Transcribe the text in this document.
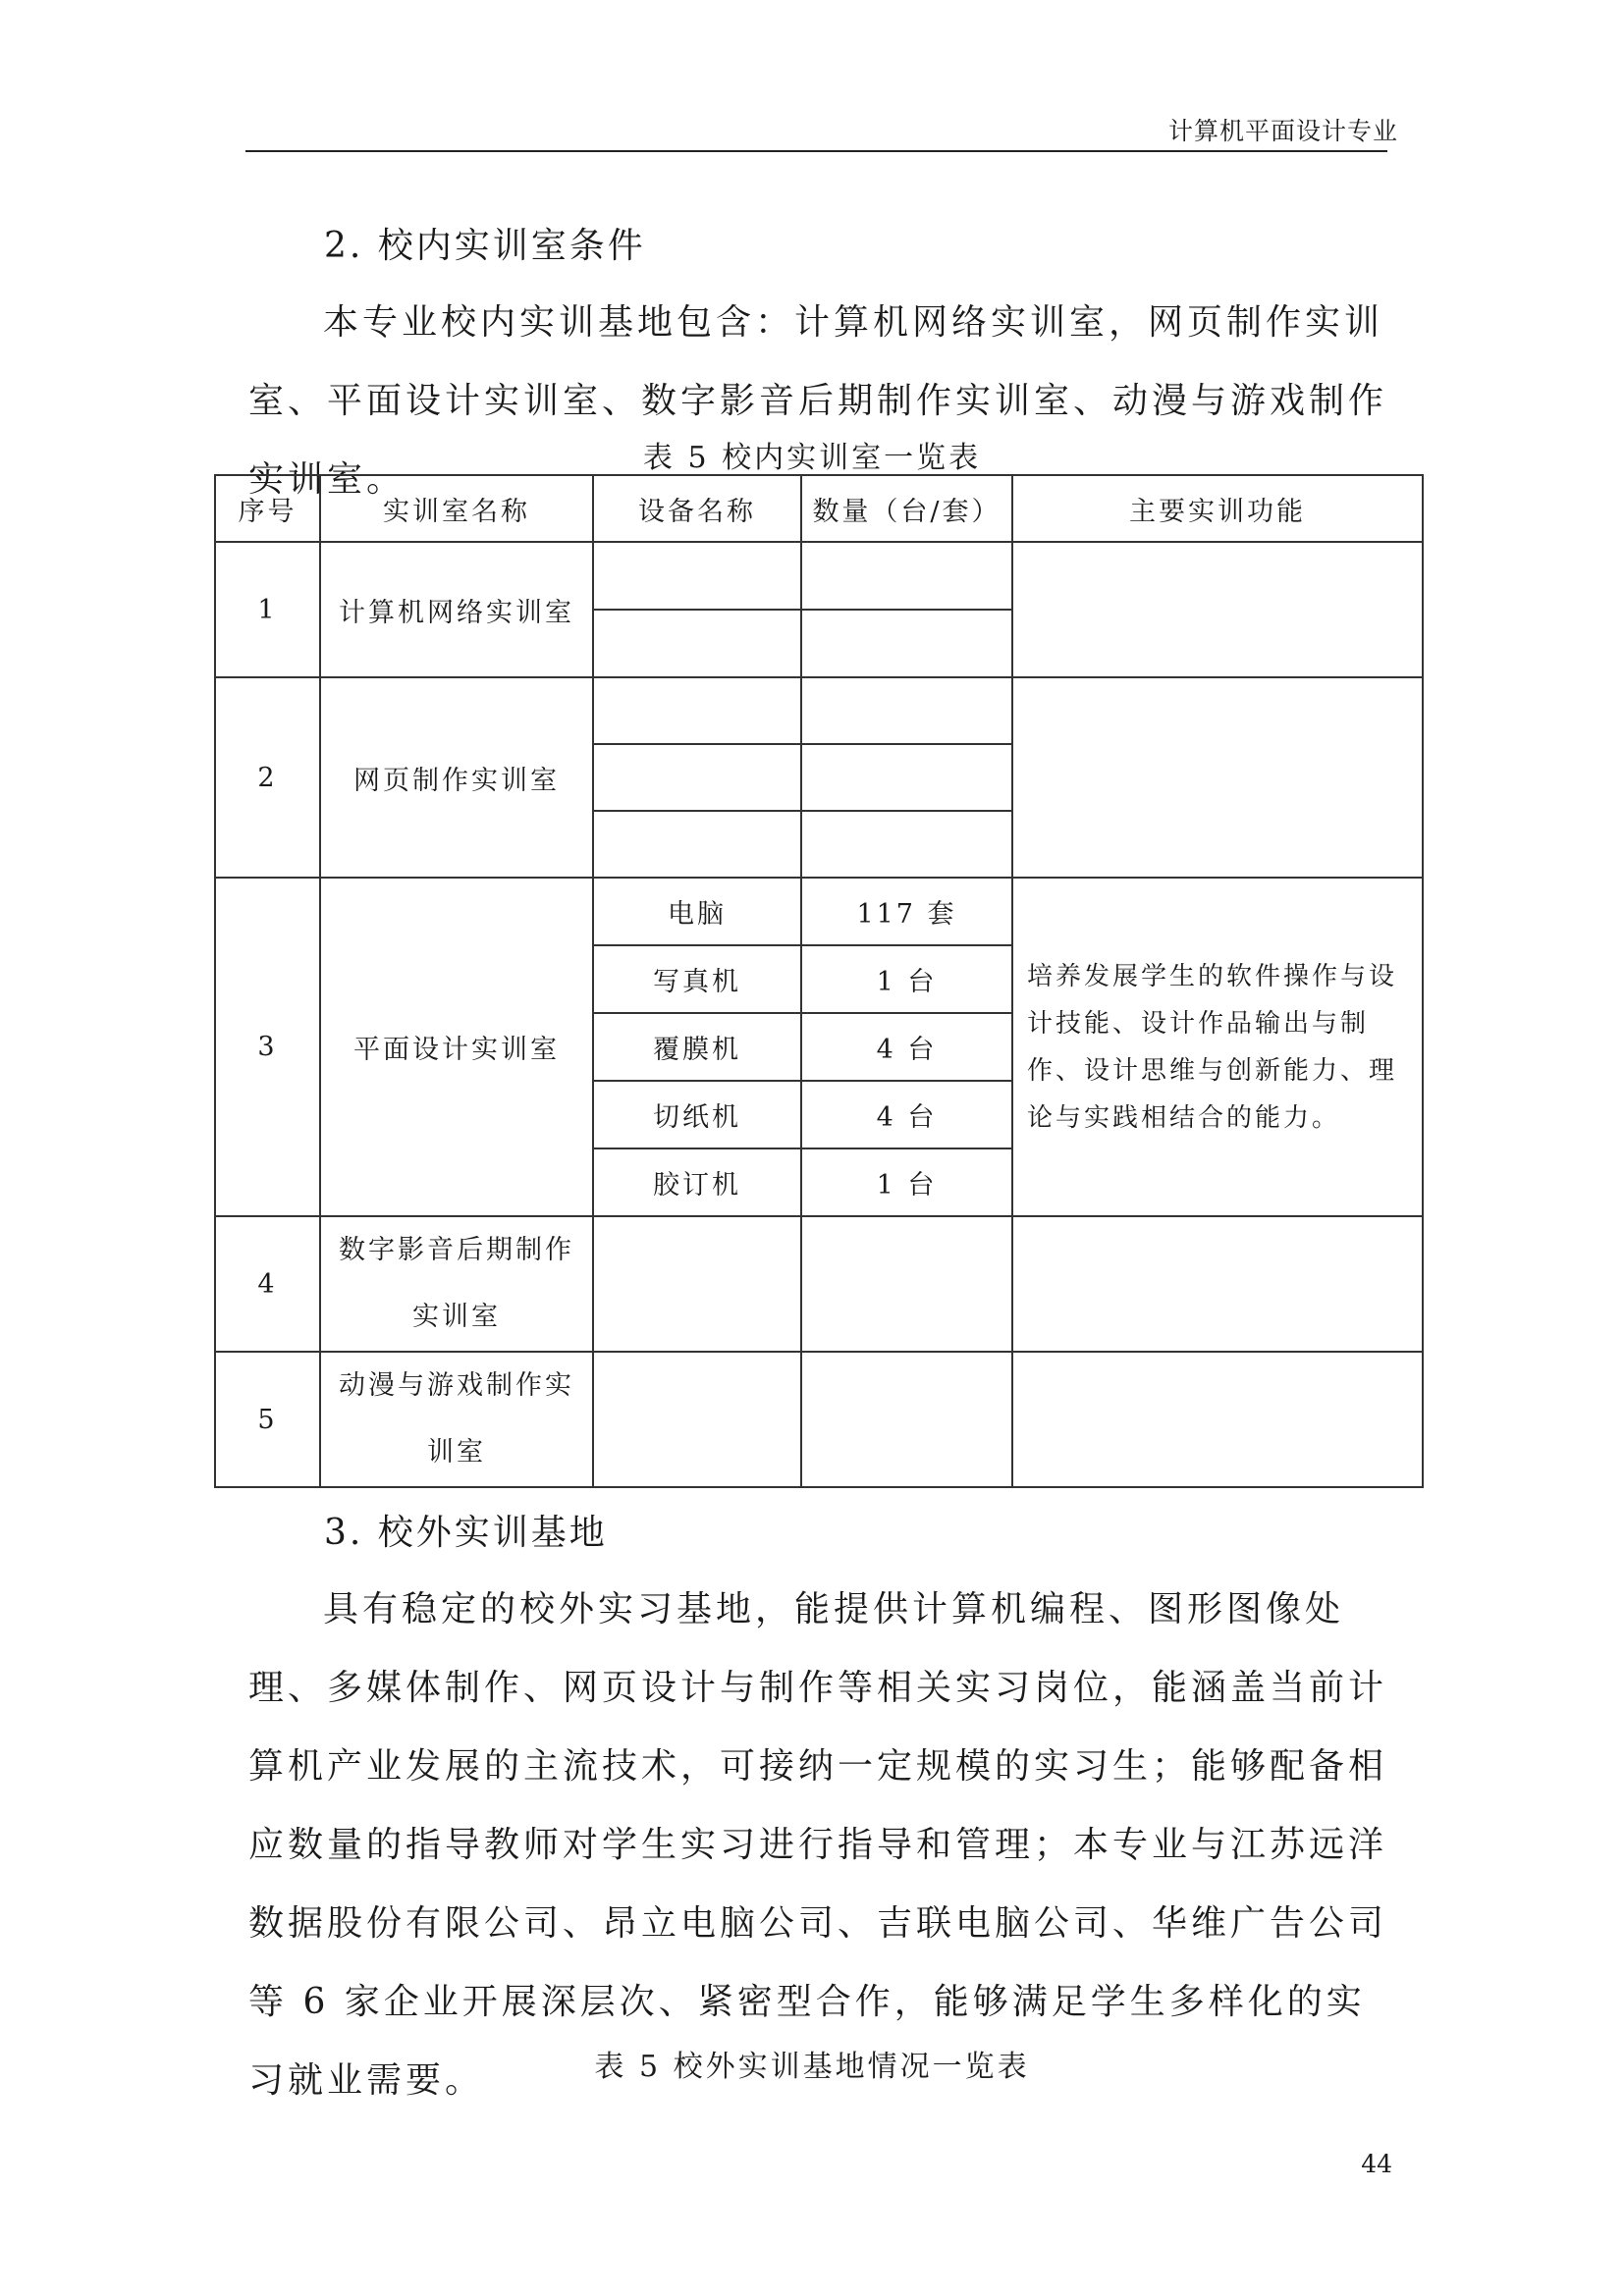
计算机平面设计专业
2. 校内实训室条件
本专业校内实训基地包含：计算机网络实训室，网页制作实训室、平面设计实训室、数字影音后期制作实训室、动漫与游戏制作实训室。
表 5 校内实训室一览表
序号	实训室名称	设备名称	数量（台/套）	主要实训功能
1	计算机网络实训室			

2	网页制作实训室			

3	平面设计实训室	电脑	117 套	培养发展学生的软件操作与设计技能、设计作品输出与制作、设计思维与创新能力、理论与实践相结合的能力。
		写真机	1 台	
		覆膜机	4 台	
		切纸机	4 台	
		胶订机	1 台	
4	数字影音后期制作实训室			
5	动漫与游戏制作实训室			
3. 校外实训基地
具有稳定的校外实习基地，能提供计算机编程、图形图像处理、多媒体制作、网页设计与制作等相关实习岗位，能涵盖当前计算机产业发展的主流技术，可接纳一定规模的实习生；能够配备相应数量的指导教师对学生实习进行指导和管理；本专业与江苏远洋数据股份有限公司、昂立电脑公司、吉联电脑公司、华维广告公司等 6 家企业开展深层次、紧密型合作，能够满足学生多样化的实习就业需要。	表 5 校外实训基地情况一览表
44
